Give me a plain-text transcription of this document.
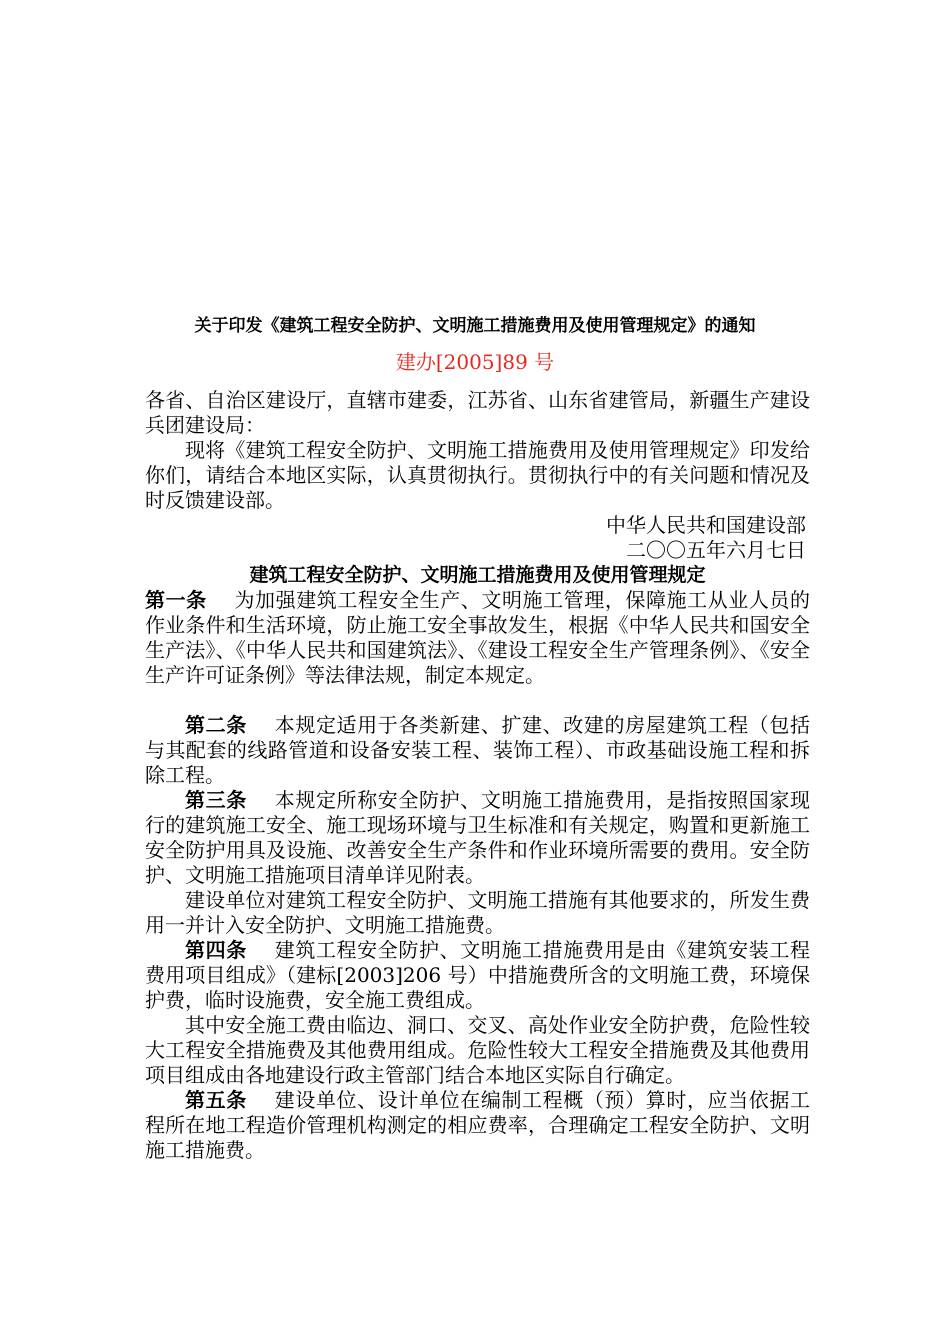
关于印发《建筑工程安全防护、文明施工措施费用及使用管理规定》的通知
建办[2005]89 号

各省、自治区建设厅，直辖市建委，江苏省、山东省建管局，新疆生产建设兵团建设局：

现将《建筑工程安全防护、文明施工措施费用及使用管理规定》印发给你们，请结合本地区实际，认真贯彻执行。贯彻执行中的有关问题和情况及时反馈建设部。

中华人民共和国建设部

二〇〇五年六月七日

建筑工程安全防护、文明施工措施费用及使用管理规定

第一条 为加强建筑工程安全生产、文明施工管理，保障施工从业人员的作业条件和生活环境，防止施工安全事故发生，根据《中华人民共和国安全生产法》、《中华人民共和国建筑法》、《建设工程安全生产管理条例》、《安全生产许可证条例》等法律法规，制定本规定。

第二条 本规定适用于各类新建、扩建、改建的房屋建筑工程（包括与其配套的线路管道和设备安装工程、装饰工程）、市政基础设施工程和拆除工程。

第三条 本规定所称安全防护、文明施工措施费用，是指按照国家现行的建筑施工安全、施工现场环境与卫生标准和有关规定，购置和更新施工安全防护用具及设施、改善安全生产条件和作业环境所需要的费用。安全防护、文明施工措施项目清单详见附表。

建设单位对建筑工程安全防护、文明施工措施有其他要求的，所发生费用一并计入安全防护、文明施工措施费。

第四条 建筑工程安全防护、文明施工措施费用是由《建筑安装工程费用项目组成》（建标[2003]206 号）中措施费所含的文明施工费，环境保护费，临时设施费，安全施工费组成。

其中安全施工费由临边、洞口、交叉、高处作业安全防护费，危险性较大工程安全措施费及其他费用组成。危险性较大工程安全措施费及其他费用项目组成由各地建设行政主管部门结合本地区实际自行确定。

第五条 建设单位、设计单位在编制工程概（预）算时，应当依据工程所在地工程造价管理机构测定的相应费率，合理确定工程安全防护、文明施工措施费。
